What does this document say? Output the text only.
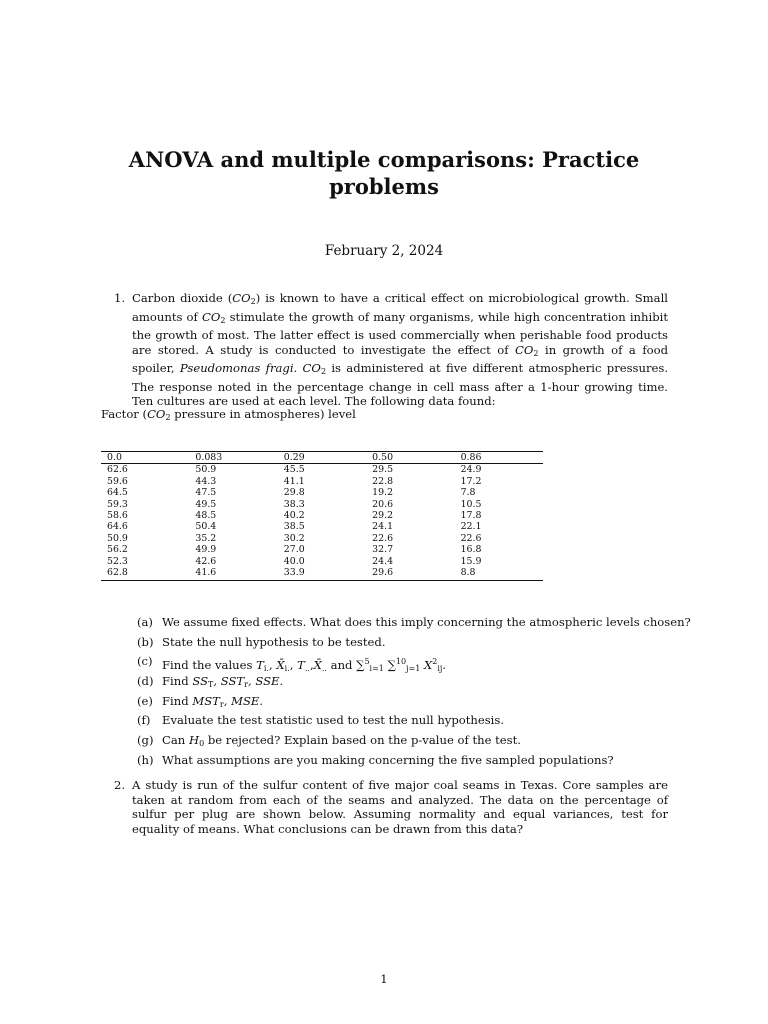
ANOVA and multiple comparisons: Practice problems
February 2, 2024
1. Carbon dioxide $(CO_2)$ is known to have a critical effect on microbiological growth. Small amounts of $CO_2$ stimulate the growth of many organisms, while high concentration inhibit the growth of most. The latter effect is used commercially when perishable food products are stored. A study is conducted to investigate the effect of $CO_2$ in growth of a food spoiler, Pseudomonas fragi. $CO_2$ is administered at five different atmospheric pressures. The response noted in the percentage change in cell mass after a 1-hour growing time. Ten cultures are used at each level. The following data found:
Factor ($CO_2$ pressure in atmospheres) level
0.0	0.083	0.29	0.50	0.86
62.6	50.9	45.5	29.5	24.9
59.6	44.3	41.1	22.8	17.2
64.5	47.5	29.8	19.2	7.8
59.3	49.5	38.3	20.6	10.5
58.6	48.5	40.2	29.2	17.8
64.6	50.4	38.5	24.1	22.1
50.9	35.2	30.2	22.6	22.6
56.2	49.9	27.0	32.7	16.8
52.3	42.6	40.0	24.4	15.9
62.8	41.6	33.9	29.6	8.8
(a) We assume fixed effects. What does this imply concerning the atmospheric levels chosen?
(b) State the null hypothesis to be tested.
(c) Find the values $T_{i.}$, $X̄_{i.}$, $T_{..},X̄_{..}$ and ∑$^5_{i=1}$ ∑$^{10}_{j=1}$ $X^2_{ij}$.
(d) Find $SS_T$, $SST_r$, SSE.
(e) Find $MST_r$, MSE.
(f) Evaluate the test statistic used to test the null hypothesis.
(g) Can $H_0$ be rejected? Explain based on the p-value of the test.
(h) What assumptions are you making concerning the five sampled populations?
2. A study is run of the sulfur content of five major coal seams in Texas. Core samples are taken at random from each of the seams and analyzed. The data on the percentage of sulfur per plug are shown below. Assuming normality and equal variances, test for equality of means. What conclusions can be drawn from this data?
1
